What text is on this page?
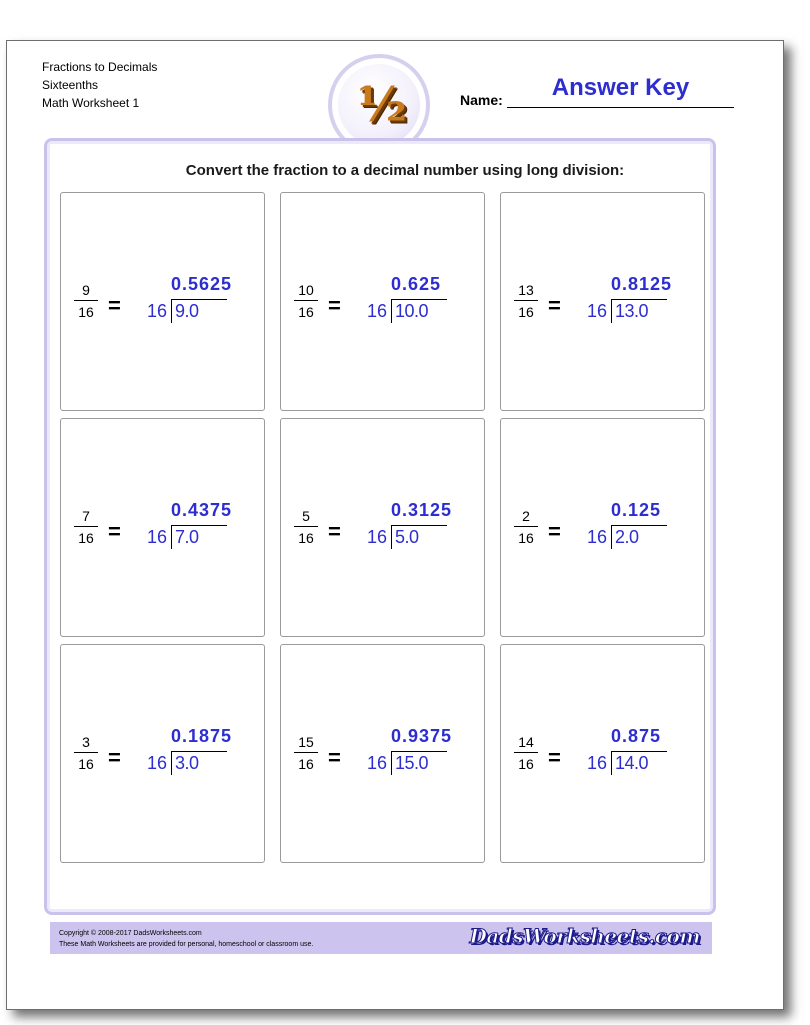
Fractions to Decimals
Sixteenths
Math Worksheet 1	½	Name:	Answer Key
Convert the fraction to a decimal number using long division:
9
16 =
0.5625
16 9.0
10
16 =
0.625
16 10.0
13
16 =
0.8125
16 13.0
7
16 =
0.4375
16 7.0
5
16 =
0.3125
16 5.0
2
16 =
0.125
16 2.0
3
16 =
0.1875
16 3.0
15
16 =
0.9375
16 15.0
14
16 =
0.875
16 14.0
Copyright © 2008-2017 DadsWorksheets.com
These Math Worksheets are provided for personal, homeschool or classroom use.	DadsWorksheets.com
